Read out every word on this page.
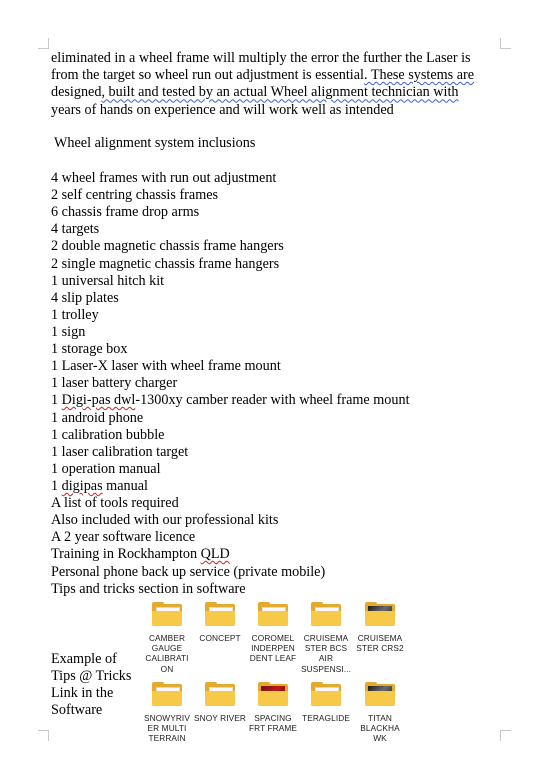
eliminated in a wheel frame will multiply the error the further the Laser is
from the target so wheel run out adjustment is essential. These systems are
designed, built and tested by an actual Wheel alignment technician with
years of hands on experience and will work well as intended
Wheel alignment system inclusions
4 wheel frames with run out adjustment
2 self centring chassis frames
6 chassis frame drop arms
4 targets
2 double magnetic chassis frame hangers
2 single magnetic chassis frame hangers
1 universal hitch kit
4 slip plates
1 trolley
1 sign
1 storage box
1 Laser-X laser with wheel frame mount
1 laser battery charger
1 Digi-pas dwl-1300xy camber reader with wheel frame mount
1 android phone
1 calibration bubble
1 laser calibration target
1 operation manual
1 digipas manual
A list of tools required
Also included with our professional kits
A 2 year software licence
Training in Rockhampton QLD
Personal phone back up service (private mobile)
Tips and tricks section in software
Example of
Tips @ Tricks
Link in the
Software
CAMBER GAUGE CALIBRATI ON
CONCEPT	COROMEL INDERPEN DENT LEAF
CRUISEMA STER BCS AIR SUSPENSI...
CRUISEMA STER CRS2
SNOWYRIV ER MULTI TERRAIN
SNOY RIVER SPACING FRT FRAME
TERAGLIDE	TITAN BLACKHA WK
